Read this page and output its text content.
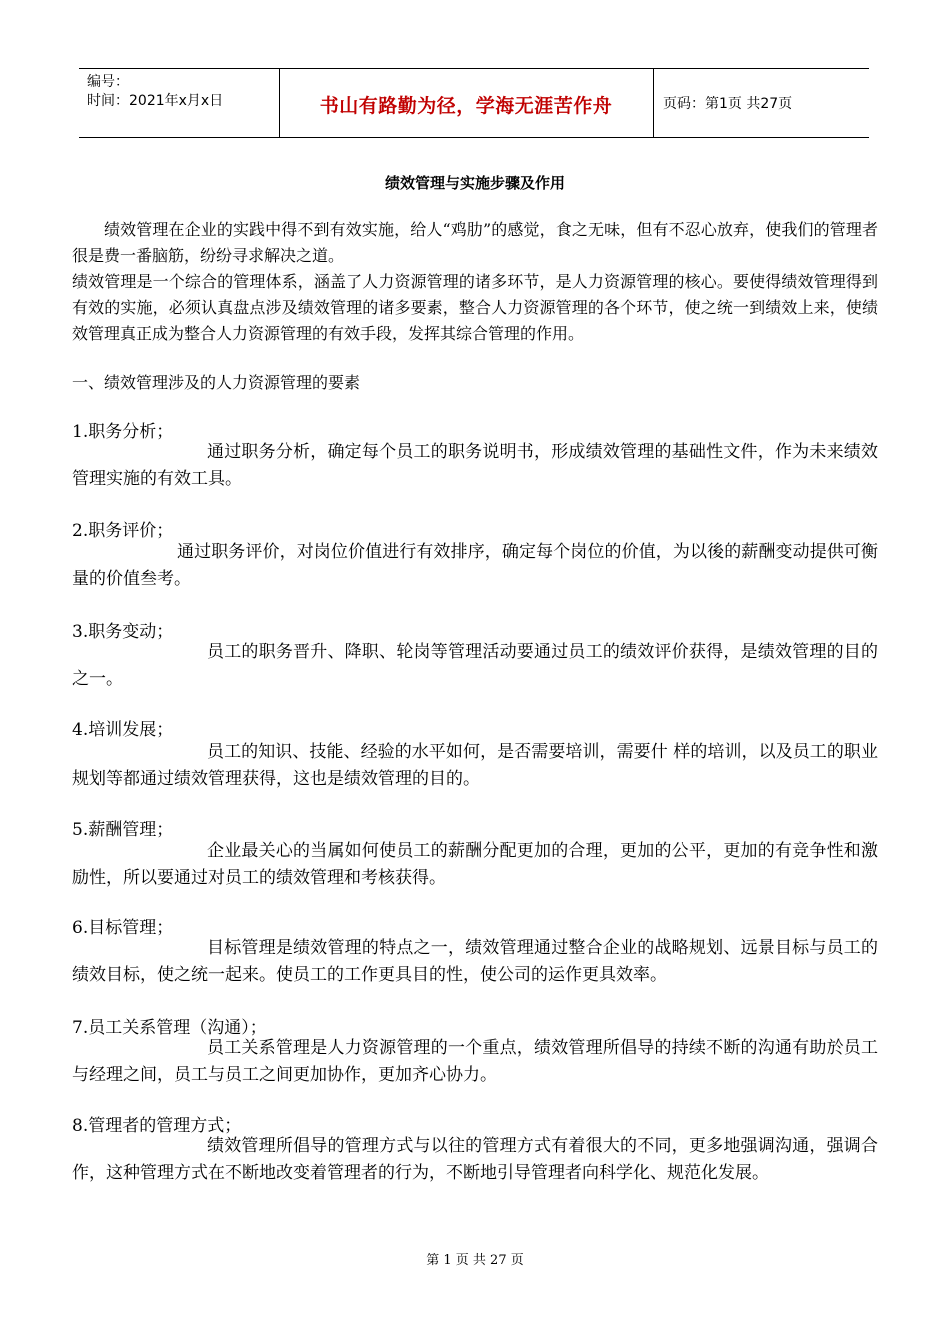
编号：
时间：2021年x月x日	书山有路勤为径，学海无涯苦作舟	页码：第1页 共27页
绩效管理与实施步骤及作用
绩效管理在企业的实践中得不到有效实施，给人“鸡肋”的感觉，食之无味，但有不忍心放弃，使我们的管理者很是费一番脑筋，纷纷寻求解决之道。
绩效管理是一个综合的管理体系，涵盖了人力资源管理的诸多环节，是人力资源管理的核心。要使得绩效管理得到有效的实施，必须认真盘点涉及绩效管理的诸多要素，整合人力资源管理的各个环节，使之统一到绩效上来，使绩效管理真正成为整合人力资源管理的有效手段，发挥其综合管理的作用。
一、绩效管理涉及的人力资源管理的要素
1.职务分析；
通过职务分析，确定每个员工的职务说明书，形成绩效管理的基础性文件，作为未来绩效管理实施的有效工具。
2.职务评价；
通过职务评价，对岗位价值进行有效排序，确定每个岗位的价值，为以後的薪酬变动提供可衡量的价值叁考。
3.职务变动；
员工的职务晋升、降职、轮岗等管理活动要通过员工的绩效评价获得，是绩效管理的目的之一。
4.培训发展；
员工的知识、技能、经验的水平如何，是否需要培训，需要什 样的培训，以及员工的职业规划等都通过绩效管理获得，这也是绩效管理的目的。
5.薪酬管理；
企业最关心的当属如何使员工的薪酬分配更加的合理，更加的公平，更加的有竞争性和激励性，所以要通过对员工的绩效管理和考核获得。
6.目标管理；
目标管理是绩效管理的特点之一，绩效管理通过整合企业的战略规划、远景目标与员工的绩效目标，使之统一起来。使员工的工作更具目的性，使公司的运作更具效率。
7.员工关系管理（沟通）；
员工关系管理是人力资源管理的一个重点，绩效管理所倡导的持续不断的沟通有助於员工与经理之间，员工与员工之间更加协作，更加齐心协力。
8.管理者的管理方式；
绩效管理所倡导的管理方式与以往的管理方式有着很大的不同，更多地强调沟通，强调合作，这种管理方式在不断地改变着管理者的行为，不断地引导管理者向科学化、规范化发展。
第 1 页 共 27 页
